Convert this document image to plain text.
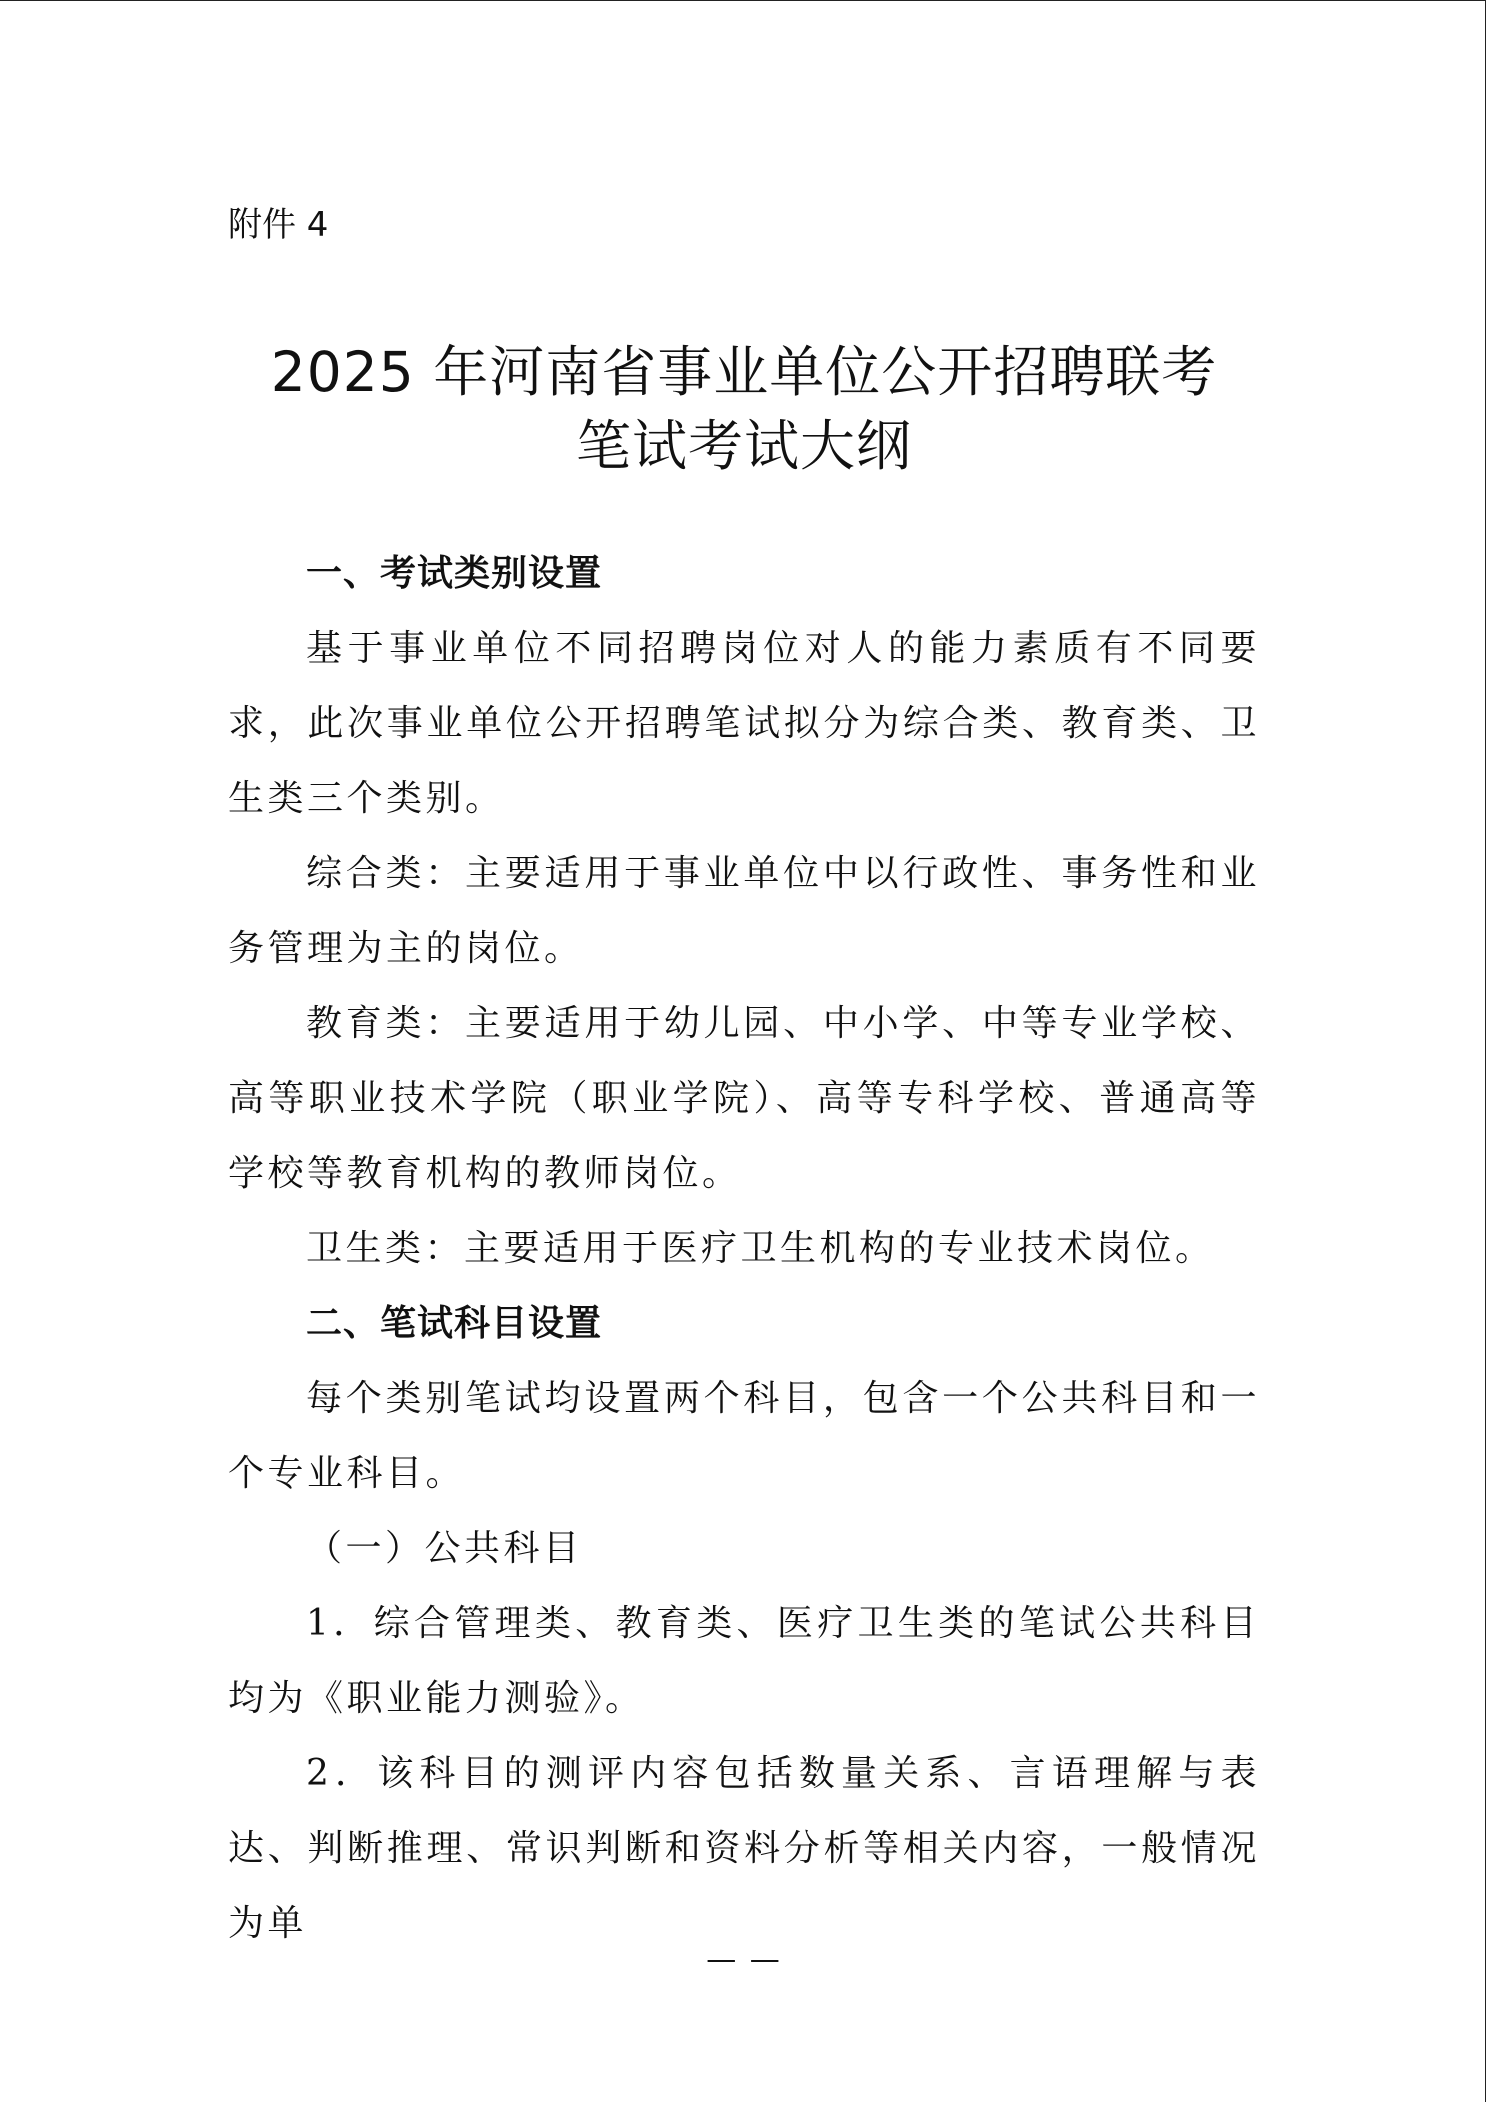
附件 4
2025 年河南省事业单位公开招聘联考
笔试考试大纲

一、考试类别设置

基于事业单位不同招聘岗位对人的能力素质有不同要求，此次事业单位公开招聘笔试拟分为综合类、教育类、卫生类三个类别。

综合类：主要适用于事业单位中以行政性、事务性和业务管理为主的岗位。

教育类：主要适用于幼儿园、中小学、中等专业学校、高等职业技术学院（职业学院）、高等专科学校、普通高等学校等教育机构的教师岗位。

卫生类：主要适用于医疗卫生机构的专业技术岗位。

二、笔试科目设置

每个类别笔试均设置两个科目，包含一个公共科目和一个专业科目。

（一）公共科目

1．综合管理类、教育类、医疗卫生类的笔试公共科目均为《职业能力测验》。

2．该科目的测评内容包括数量关系、言语理解与表达、判断推理、常识判断和资料分析等相关内容，一般情况为单

— —
